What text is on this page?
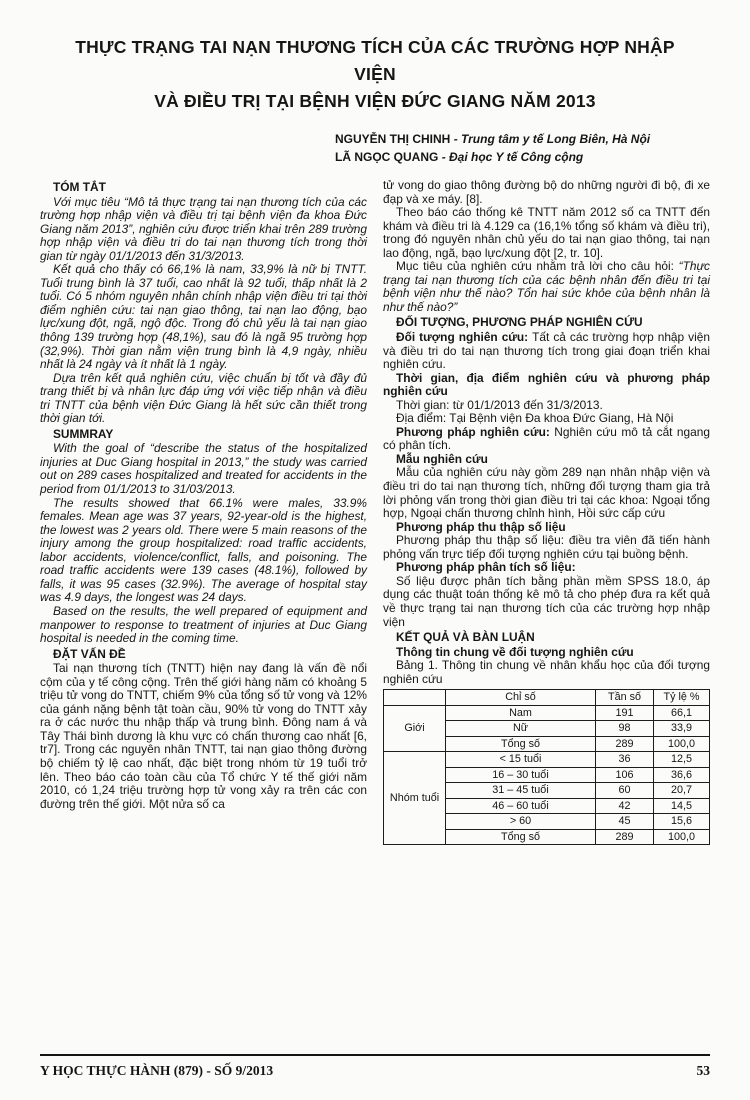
THỰC TRẠNG TAI NẠN THƯƠNG TÍCH CỦA CÁC TRƯỜNG HỢP NHẬP VIỆN
VÀ ĐIỀU TRỊ TẠI BỆNH VIỆN ĐỨC GIANG NĂM 2013
NGUYỄN THỊ CHINH - Trung tâm y tế Long Biên, Hà Nội
LÃ NGỌC QUANG - Đại học Y tế Công cộng
TÓM TẮT

Với mục tiêu “Mô tả thực trạng tai nạn thương tích của các trường hợp nhập viện và điều trị tại bệnh viện đa khoa Đức Giang năm 2013”, nghiên cứu được triển khai trên 289 trường hợp nhập viện và điều tri do tai nạn thương tích trong thời gian từ ngày 01/1/2013 đến 31/3/2013.

Kết quả cho thấy có 66,1% là nam, 33,9% là nữ bị TNTT. Tuổi trung bình là 37 tuổi, cao nhất là 92 tuổi, thấp nhất là 2 tuổi. Có 5 nhóm nguyên nhân chính nhập viện điều tri tại thời điểm nghiên cứu: tai nạn giao thông, tai nạn lao động, bạo lực/xung đột, ngã, ngộ độc. Trong đó chủ yếu là tai nạn giao thông 139 trường hợp (48,1%), sau đó là ngã 95 trường hợp (32,9%). Thời gian nằm viện trung bình là 4,9 ngày, nhiều nhất là 24 ngày và ít nhất là 1 ngày.

Dựa trên kết quả nghiên cứu, việc chuẩn bị tốt và đầy đủ trang thiết bị và nhân lực đáp ứng với việc tiếp nhận và điều tri TNTT của bệnh viện Đức Giang là hết sức cần thiết trong thời gian tới.

SUMMRAY

With the goal of “describe the status of the hospitalized injuries at Duc Giang hospital in 2013,” the study was carried out on 289 cases hospitalized and treated for accidents in the period from 01/1/2013 to 31/03/2013.

The results showed that 66.1% were males, 33.9% females. Mean age was 37 years, 92-year-old is the highest, the lowest was 2 years old. There were 5 main reasons of the injury among the group hospitalized: road traffic accidents, labor accidents, violence/conflict, falls, and poisoning. The road traffic accidents were 139 cases (48.1%), followed by falls, it was 95 cases (32.9%). The average of hospital stay was 4.9 days, the longest was 24 days.

Based on the results, the well prepared of equipment and manpower to response to treatment of injuries at Duc Giang hospital is needed in the coming time.

ĐẶT VẤN ĐỀ

Tai nạn thương tích (TNTT) hiện nay đang là vấn đề nổi cộm của y tế công cộng. Trên thế giới hàng năm có khoảng 5 triệu tử vong do TNTT, chiếm 9% của tổng số tử vong và 12% của gánh nặng bệnh tật toàn cầu, 90% tử vong do TNTT xảy ra ở các nước thu nhập thấp và trung bình. Đông nam á và Tây Thái bình dương là khu vực có chấn thương cao nhất [6, tr7]. Trong các nguyên nhân TNTT, tai nạn giao thông đường bộ chiếm tỷ lệ cao nhất, đặc biệt trong nhóm từ 19 tuổi trở lên. Theo báo cáo toàn cầu của Tổ chức Y tế thế giới năm 2010, có 1,24 triệu trường hợp tử vong xảy ra trên các con đường trên thế giới. Một nửa số ca

tử vong do giao thông đường bộ do những người đi bộ, đi xe đạp và xe máy. [8].

Theo báo cáo thống kê TNTT năm 2012 số ca TNTT đến khám và điều tri là 4.129 ca (16,1% tổng số khám và điều tri), trong đó nguyên nhân chủ yếu do tai nạn giao thông, tai nạn lao động, ngã, bạo lực/xung đột [2, tr. 10].

Mục tiêu của nghiên cứu nhằm trả lời cho câu hỏi: “Thực trạng tai nạn thương tích của các bệnh nhân đến điều tri tại bệnh viện như thế nào? Tổn hai sức khỏe của bệnh nhân là như thế nào?”

ĐỐI TƯỢNG, PHƯƠNG PHÁP NGHIÊN CỨU

Đối tượng nghiên cứu: Tất cả các trường hợp nhập viện và điều tri do tai nạn thương tích trong giai đoạn triển khai nghiên cứu.

Thời gian, địa điểm nghiên cứu và phương pháp nghiên cứu

Thời gian: từ 01/1/2013 đến 31/3/2013.

Địa điểm: Tại Bệnh viện Đa khoa Đức Giang, Hà Nội

Phương pháp nghiên cứu: Nghiên cứu mô tả cắt ngang có phân tích.

Mẫu nghiên cứu

Mẫu của nghiên cứu này gồm 289 nạn nhân nhập viện và điều tri do tai nạn thương tích, những đối tượng tham gia trả lời phỏng vấn trong thời gian điều tri tại các khoa: Ngoại tổng hợp, Ngoại chấn thương chỉnh hình, Hồi sức cấp cứu

Phương pháp thu thập số liệu

Phương pháp thu thập số liệu: điều tra viên đã tiến hành phỏng vấn trực tiếp đối tượng nghiên cứu tại buồng bệnh.

Phương pháp phân tích số liệu:

Số liệu được phân tích bằng phần mềm SPSS 18.0, áp dụng các thuật toán thống kê mô tả cho phép đưa ra kết quả về thực trạng tai nạn thương tích của các trường hợp nhập viện

KẾT QUẢ VÀ BÀN LUẬN

Thông tin chung về đối tượng nghiên cứu

Bảng 1. Thông tin chung về nhân khẩu học của đối tượng nghiên cứu

	Chỉ số	Tần số	Tỷ lệ %
Giới	Nam	191	66,1
	Nữ	98	33,9
	Tổng số	289	100,0
Nhóm tuổi	< 15 tuổi	36	12,5
	16 – 30 tuổi	106	36,6
	31 – 45 tuổi	60	20,7
	46 – 60 tuổi	42	14,5
	> 60	45	15,6
	Tổng số	289	100,0
Y HỌC THỰC HÀNH (879) - SỐ 9/2013	53
